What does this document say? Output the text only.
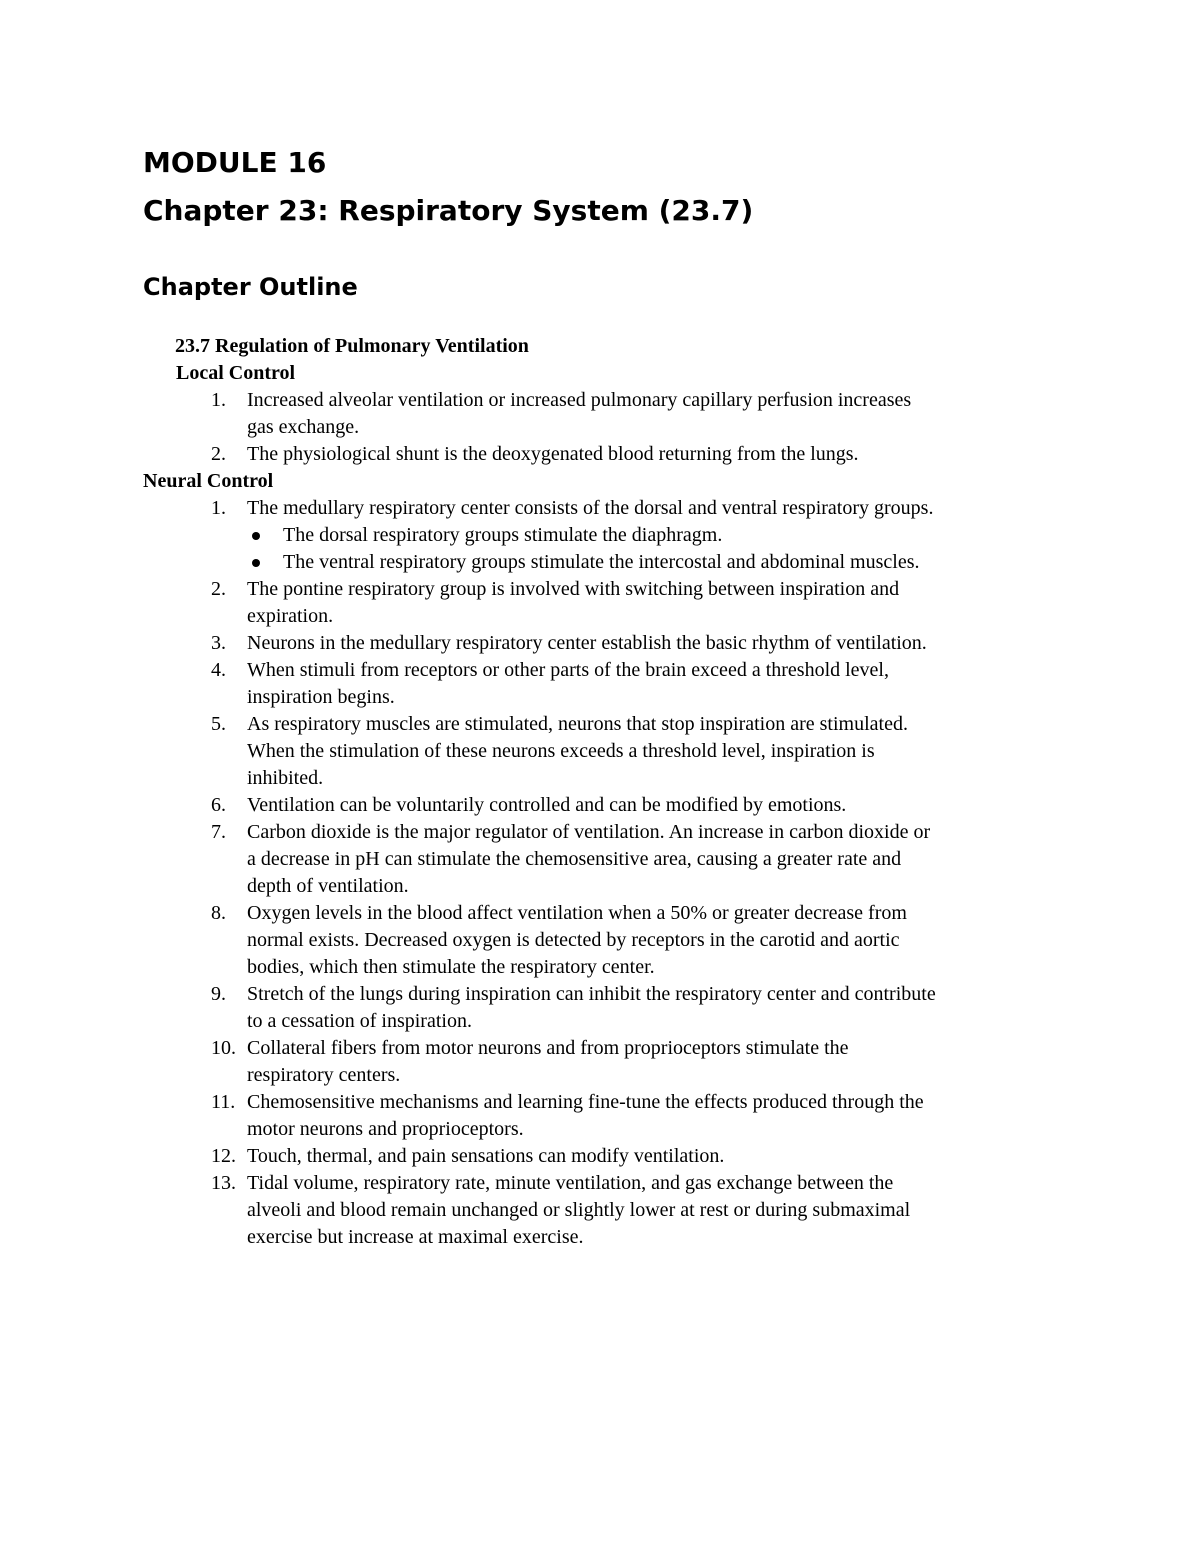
MODULE 16
Chapter 23: Respiratory System (23.7)
Chapter Outline
23.7 Regulation of Pulmonary Ventilation
Local Control
1.	Increased alveolar ventilation or increased pulmonary capillary perfusion increases
gas exchange.
2.	The physiological shunt is the deoxygenated blood returning from the lungs.
Neural Control
1.	The medullary respiratory center consists of the dorsal and ventral respiratory groups.
The dorsal respiratory groups stimulate the diaphragm.
The ventral respiratory groups stimulate the intercostal and abdominal muscles.
2.	The pontine respiratory group is involved with switching between inspiration and
expiration.
3.	Neurons in the medullary respiratory center establish the basic rhythm of ventilation.
4.	When stimuli from receptors or other parts of the brain exceed a threshold level,
inspiration begins.
5.	As respiratory muscles are stimulated, neurons that stop inspiration are stimulated.
When the stimulation of these neurons exceeds a threshold level, inspiration is
inhibited.
6.	Ventilation can be voluntarily controlled and can be modified by emotions.
7.	Carbon dioxide is the major regulator of ventilation. An increase in carbon dioxide or
a decrease in pH can stimulate the chemosensitive area, causing a greater rate and
depth of ventilation.
8.	Oxygen levels in the blood affect ventilation when a 50% or greater decrease from
normal exists. Decreased oxygen is detected by receptors in the carotid and aortic
bodies, which then stimulate the respiratory center.
9.	Stretch of the lungs during inspiration can inhibit the respiratory center and contribute
to a cessation of inspiration.
10. Collateral fibers from motor neurons and from proprioceptors stimulate the
respiratory centers.
11. Chemosensitive mechanisms and learning fine-tune the effects produced through the
motor neurons and proprioceptors.
12. Touch, thermal, and pain sensations can modify ventilation.
13. Tidal volume, respiratory rate, minute ventilation, and gas exchange between the
alveoli and blood remain unchanged or slightly lower at rest or during submaximal
exercise but increase at maximal exercise.
